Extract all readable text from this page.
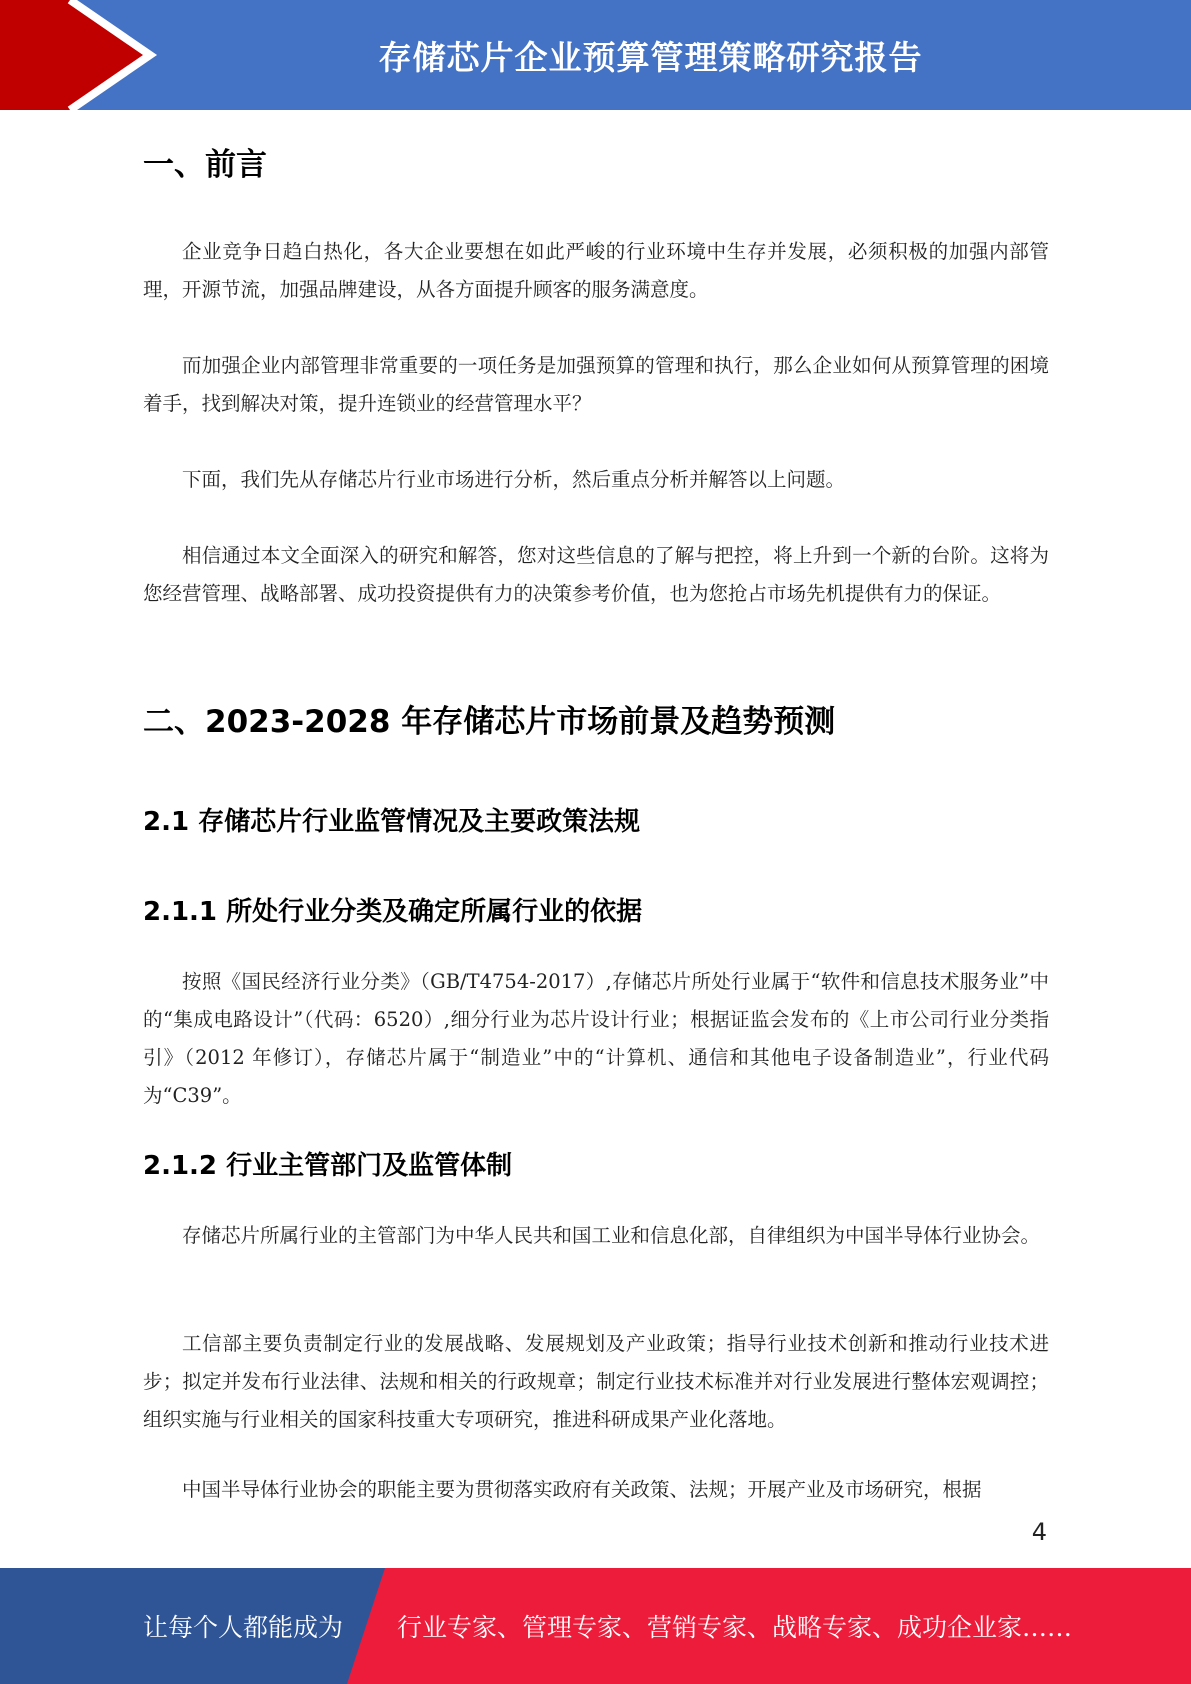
存储芯片企业预算管理策略研究报告
一、前言

企业竞争日趋白热化，各大企业要想在如此严峻的行业环境中生存并发展，必须积极的加强内部管理，开源节流，加强品牌建设，从各方面提升顾客的服务满意度。

而加强企业内部管理非常重要的一项任务是加强预算的管理和执行，那么企业如何从预算管理的困境着手，找到解决对策，提升连锁业的经营管理水平？

下面，我们先从存储芯片行业市场进行分析，然后重点分析并解答以上问题。

相信通过本文全面深入的研究和解答，您对这些信息的了解与把控，将上升到一个新的台阶。这将为您经营管理、战略部署、成功投资提供有力的决策参考价值，也为您抢占市场先机提供有力的保证。

二、2023-2028 年存储芯片市场前景及趋势预测
2.1 存储芯片行业监管情况及主要政策法规
2.1.1 所处行业分类及确定所属行业的依据

按照《国民经济行业分类》（GB/T4754-2017）,存储芯片所处行业属于“软件和信息技术服务业”中的“集成电路设计”（代码：6520）,细分行业为芯片设计行业；根据证监会发布的《上市公司行业分类指引》（2012 年修订），存储芯片属于“制造业”中的“计算机、通信和其他电子设备制造业”，行业代码为“C39”。

2.1.2 行业主管部门及监管体制

存储芯片所属行业的主管部门为中华人民共和国工业和信息化部，自律组织为中国半导体行业协会。

工信部主要负责制定行业的发展战略、发展规划及产业政策；指导行业技术创新和推动行业技术进步；拟定并发布行业法律、法规和相关的行政规章；制定行业技术标准并对行业发展进行整体宏观调控；组织实施与行业相关的国家科技重大专项研究，推进科研成果产业化落地。

中国半导体行业协会的职能主要为贯彻落实政府有关政策、法规；开展产业及市场研究，根据

4
让每个人都能成为 行业专家、管理专家、营销专家、战略专家、成功企业家……
